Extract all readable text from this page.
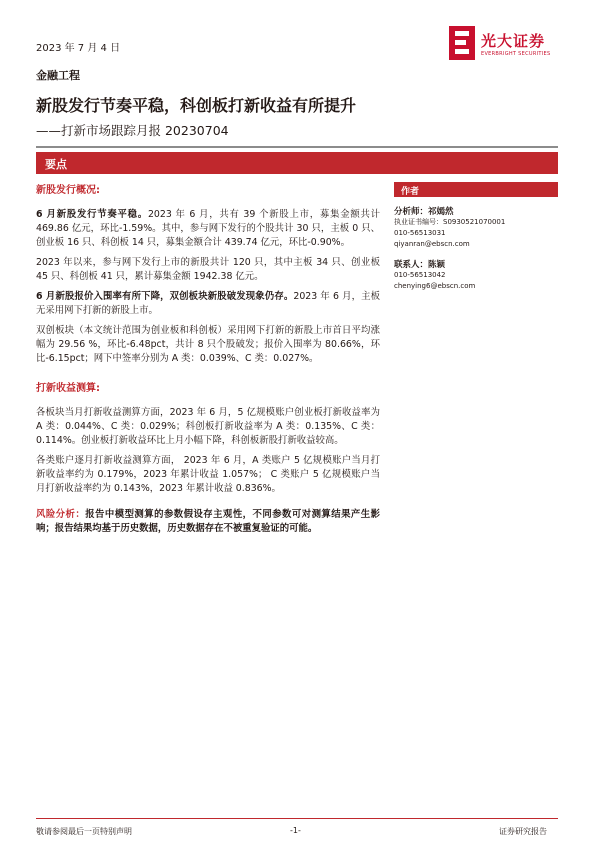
2023 年 7 月 4 日	光大证券
EVERBRIGHT SECURITIES
金融工程
新股发行节奏平稳，科创板打新收益有所提升
——打新市场跟踪月报 20230704
要点
新股发行概况:
6 月新股发行节奏平稳。2023 年 6 月，共有 39 个新股上市，募集金额共计 469.86 亿元，环比-1.59%。其中，参与网下发行的个股共计 30 只，主板 0 只、创业板 16 只、科创板 14 只，募集金额合计 439.74 亿元，环比-0.90%。
2023 年以来，参与网下发行上市的新股共计 120 只，其中主板 34 只、创业板 45 只、科创板 41 只，累计募集金额 1942.38 亿元。
6 月新股报价入围率有所下降，双创板块新股破发现象仍存。2023 年 6 月，主板无采用网下打新的新股上市。
双创板块（本文统计范围为创业板和科创板）采用网下打新的新股上市首日平均涨幅为 29.56 %，环比-6.48pct，共计 8 只个股破发；报价入围率为 80.66%，环比-6.15pct；网下中签率分别为 A 类：0.039%、C 类：0.027%。
打新收益测算:
各板块当月打新收益测算方面，2023 年 6 月，5 亿规模账户创业板打新收益率为 A 类：0.044%、C 类：0.029%；科创板打新收益率为 A 类：0.135%、C 类：0.114%。创业板打新收益环比上月小幅下降，科创板新股打新收益较高。
各类账户逐月打新收益测算方面， 2023 年 6 月，A 类账户 5 亿规模账户当月打新收益率约为 0.179%，2023 年累计收益 1.057%； C 类账户 5 亿规模账户当月打新收益率约为 0.143%，2023 年累计收益 0.836%。
风险分析：报告中模型测算的参数假设存主观性，不同参数可对测算结果产生影响；报告结果均基于历史数据，历史数据存在不被重复验证的可能。
作者
分析师：祁嫣然
执业证书编号：S0930521070001
010-56513031
qiyanran@ebscn.com
联系人：陈颖
010-56513042
chenying6@ebscn.com
敬请参阅最后一页特别声明	-1-	证券研究报告
